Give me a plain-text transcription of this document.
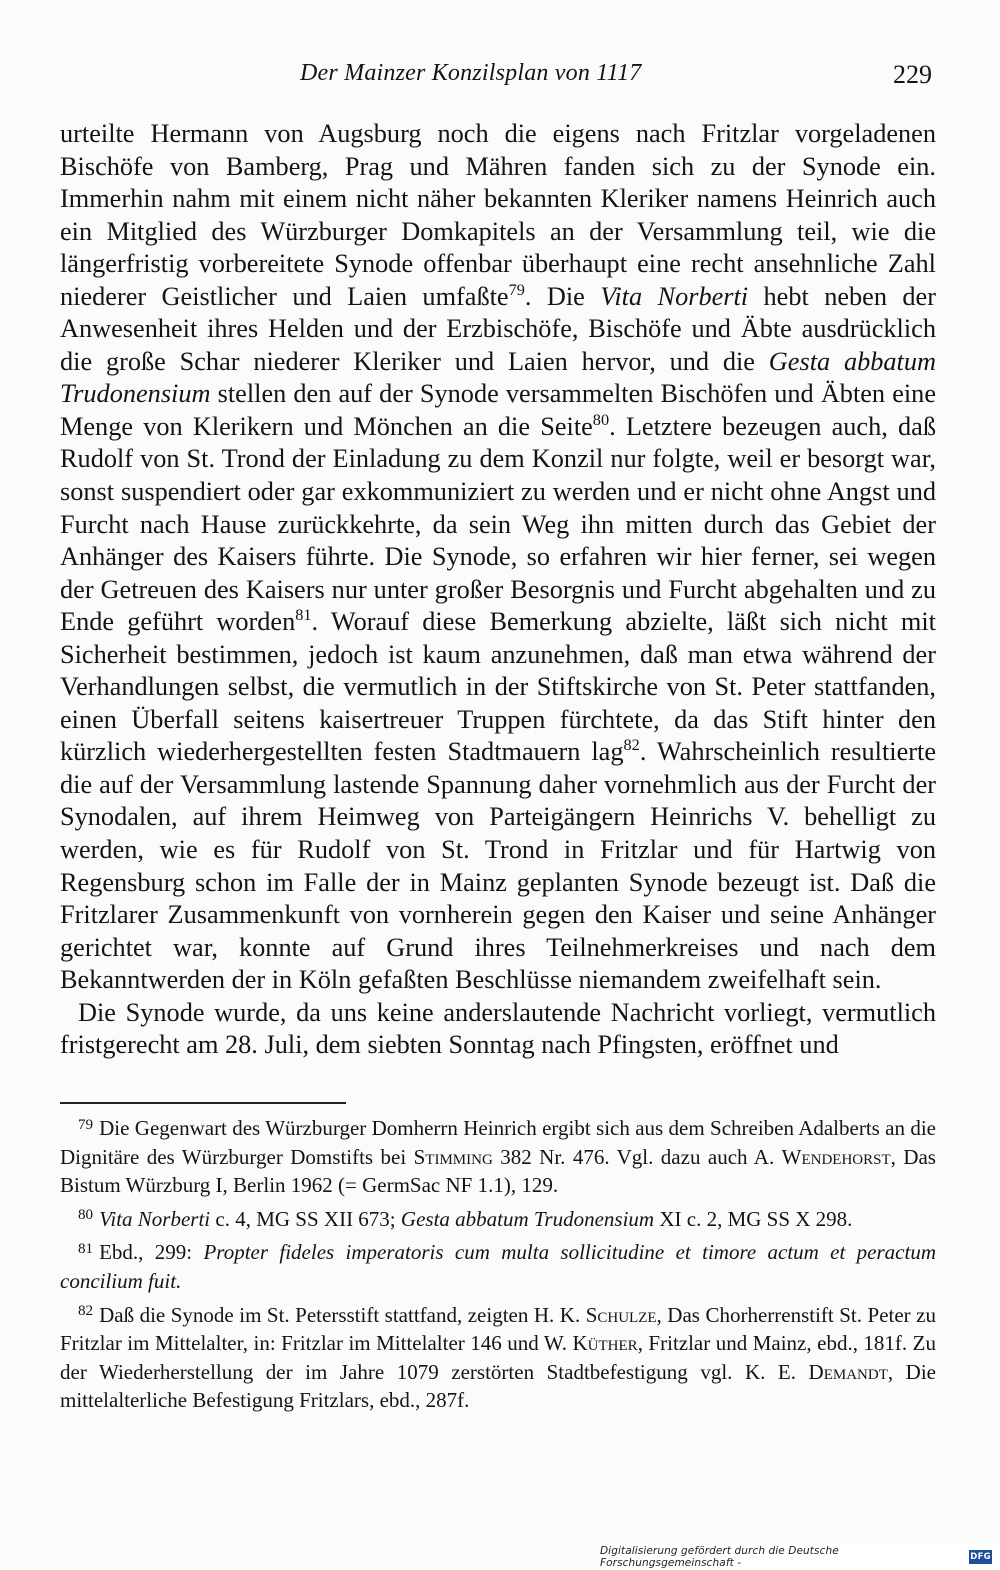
Der Mainzer Konzilsplan von 1117	229

urteilte Hermann von Augsburg noch die eigens nach Fritzlar vorgeladenen Bischöfe von Bamberg, Prag und Mähren fanden sich zu der Synode ein. Immerhin nahm mit einem nicht näher bekannten Kleriker namens Heinrich auch ein Mitglied des Würzburger Domkapitels an der Versammlung teil, wie die längerfristig vorbereitete Synode offenbar überhaupt eine recht ansehnliche Zahl niederer Geistlicher und Laien umfaßte$^{79}$. Die Vita Norberti hebt neben der Anwesenheit ihres Helden und der Erzbischöfe, Bischöfe und Äbte ausdrücklich die große Schar niederer Kleriker und Laien hervor, und die Gesta abbatum Trudonensium stellen den auf der Synode versammelten Bischöfen und Äbten eine Menge von Klerikern und Mönchen an die Seite$^{80}$. Letztere bezeugen auch, daß Rudolf von St. Trond der Einladung zu dem Konzil nur folgte, weil er besorgt war, sonst suspendiert oder gar exkommuniziert zu werden und er nicht ohne Angst und Furcht nach Hause zurückkehrte, da sein Weg ihn mitten durch das Gebiet der Anhänger des Kaisers führte. Die Synode, so erfahren wir hier ferner, sei wegen der Getreuen des Kaisers nur unter großer Besorgnis und Furcht abgehalten und zu Ende geführt worden$^{81}$. Worauf diese Bemerkung abzielte, läßt sich nicht mit Sicherheit bestimmen, jedoch ist kaum anzunehmen, daß man etwa während der Verhandlungen selbst, die vermutlich in der Stiftskirche von St. Peter stattfanden, einen Überfall seitens kaisertreuer Truppen fürchtete, da das Stift hinter den kürzlich wiederhergestellten festen Stadtmauern lag$^{82}$. Wahrscheinlich resultierte die auf der Versammlung lastende Spannung daher vornehmlich aus der Furcht der Synodalen, auf ihrem Heimweg von Parteigängern Heinrichs V. behelligt zu werden, wie es für Rudolf von St. Trond in Fritzlar und für Hartwig von Regensburg schon im Falle der in Mainz geplanten Synode bezeugt ist. Daß die Fritzlarer Zusammenkunft von vornherein gegen den Kaiser und seine Anhänger gerichtet war, konnte auf Grund ihres Teilnehmerkreises und nach dem Bekanntwerden der in Köln gefaßten Beschlüsse niemandem zweifelhaft sein.

Die Synode wurde, da uns keine anderslautende Nachricht vorliegt, vermutlich fristgerecht am 28. Juli, dem siebten Sonntag nach Pfingsten, eröffnet und

79 Die Gegenwart des Würzburger Domherrn Heinrich ergibt sich aus dem Schreiben Adalberts an die Dignitäre des Würzburger Domstifts bei Stimming 382 Nr. 476. Vgl. dazu auch A. Wendehorst, Das Bistum Würzburg I, Berlin 1962 (= GermSac NF 1.1), 129.

80 Vita Norberti c. 4, MG SS XII 673; Gesta abbatum Trudonensium XI c. 2, MG SS X 298.

81 Ebd., 299: Propter fideles imperatoris cum multa sollicitudine et timore actum et peractum concilium fuit.

82 Daß die Synode im St. Petersstift stattfand, zeigten H. K. Schulze, Das Chorherrenstift St. Peter zu Fritzlar im Mittelalter, in: Fritzlar im Mittelalter 146 und W. Küther, Fritzlar und Mainz, ebd., 181f. Zu der Wiederherstellung der im Jahre 1079 zerstörten Stadtbefestigung vgl. K. E. Demandt, Die mittelalterliche Befestigung Fritzlars, ebd., 287f.

Digitalisierung gefördert durch die Deutsche Forschungsgemeinschaft -	DFG
